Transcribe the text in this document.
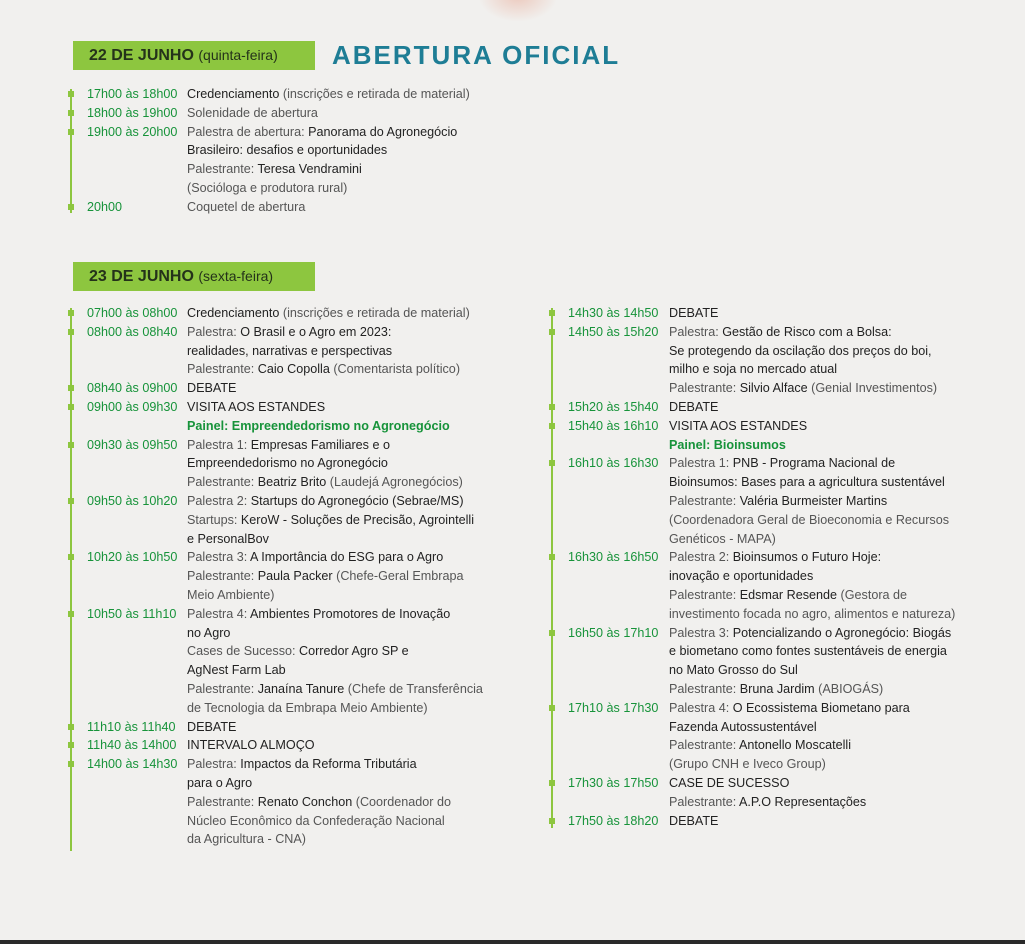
22 DE JUNHO (quinta-feira)	ABERTURA OFICIAL
17h00 às 18h00 Credenciamento (inscrições e retirada de material)
18h00 às 19h00 Solenidade de abertura
19h00 às 20h00 Palestra de abertura: Panorama do Agronegócio
Brasileiro: desafios e oportunidades
Palestrante: Teresa Vendramini
(Socióloga e produtora rural)
20h00	Coquetel de abertura
23 DE JUNHO (sexta-feira)
07h00 às 08h00 Credenciamento (inscrições e retirada de material)
08h00 às 08h40 Palestra: O Brasil e o Agro em 2023:
realidades, narrativas e perspectivas
Palestrante: Caio Copolla (Comentarista político)
08h40 às 09h00 DEBATE
09h00 às 09h30 VISITA AOS ESTANDES
Painel: Empreendedorismo no Agronegócio
09h30 às 09h50 Palestra 1: Empresas Familiares e o
Empreendedorismo no Agronegócio
Palestrante: Beatriz Brito (Laudejá Agronegócios)
09h50 às 10h20 Palestra 2: Startups do Agronegócio (Sebrae/MS)
Startups: KeroW - Soluções de Precisão, Agrointelli
e PersonalBov
10h20 às 10h50 Palestra 3: A Importância do ESG para o Agro
Palestrante: Paula Packer (Chefe-Geral Embrapa
Meio Ambiente)
10h50 às 11h10 Palestra 4: Ambientes Promotores de Inovação
no Agro
Cases de Sucesso: Corredor Agro SP e
AgNest Farm Lab
Palestrante: Janaína Tanure (Chefe de Transferência
de Tecnologia da Embrapa Meio Ambiente)
11h10 às 11h40 DEBATE
11h40 às 14h00 INTERVALO ALMOÇO
14h00 às 14h30 Palestra: Impactos da Reforma Tributária
para o Agro
Palestrante: Renato Conchon (Coordenador do
Núcleo Econômico da Confederação Nacional
da Agricultura - CNA)
14h30 às 14h50 DEBATE
14h50 às 15h20 Palestra: Gestão de Risco com a Bolsa:
Se protegendo da oscilação dos preços do boi,
milho e soja no mercado atual
Palestrante: Silvio Alface (Genial Investimentos)
15h20 às 15h40 DEBATE
15h40 às 16h10 VISITA AOS ESTANDES
Painel: Bioinsumos
16h10 às 16h30 Palestra 1: PNB - Programa Nacional de
Bioinsumos: Bases para a agricultura sustentável
Palestrante: Valéria Burmeister Martins
(Coordenadora Geral de Bioeconomia e Recursos
Genéticos - MAPA)
16h30 às 16h50 Palestra 2: Bioinsumos o Futuro Hoje:
inovação e oportunidades
Palestrante: Edsmar Resende (Gestora de
investimento focada no agro, alimentos e natureza)
16h50 às 17h10 Palestra 3: Potencializando o Agronegócio: Biogás
e biometano como fontes sustentáveis de energia
no Mato Grosso do Sul
Palestrante: Bruna Jardim (ABIOGÁS)
17h10 às 17h30 Palestra 4: O Ecossistema Biometano para
Fazenda Autossustentável
Palestrante: Antonello Moscatelli
(Grupo CNH e Iveco Group)
17h30 às 17h50 CASE DE SUCESSO
Palestrante: A.P.O Representações
17h50 às 18h20 DEBATE
